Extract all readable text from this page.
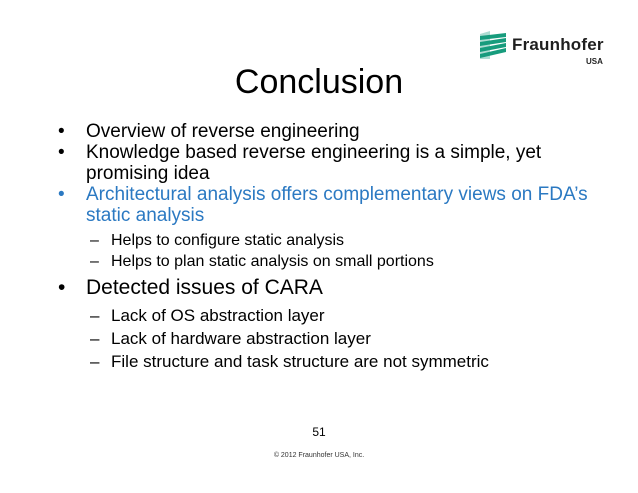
Fraunhofer
USA
Conclusion
• Overview of reverse engineering
• Knowledge based reverse engineering is a simple, yet promising idea
• Architectural analysis offers complementary views on FDA’s static analysis
– Helps to configure static analysis
– Helps to plan static analysis on small portions
• Detected issues of CARA
– Lack of OS abstraction layer
– Lack of hardware abstraction layer
– File structure and task structure are not symmetric
51
© 2012 Fraunhofer USA, Inc.
